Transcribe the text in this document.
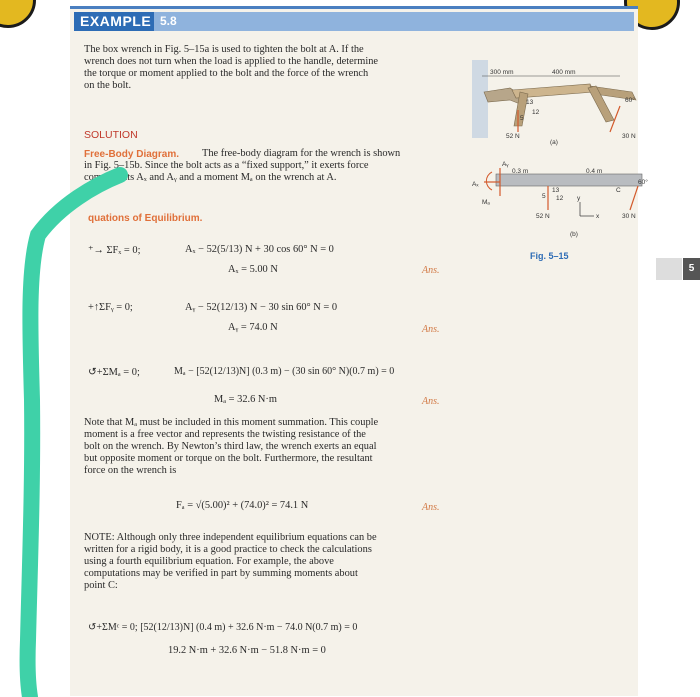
EXAMPLE 5.8
The box wrench in Fig. 5–15a is used to tighten the bolt at A. If the
wrench does not turn when the load is applied to the handle, determine
the torque or moment applied to the bolt and the force of the wrench
on the bolt.
SOLUTION
Free-Body Diagram. The free-body diagram for the wrench is shown
in Fig. 5–15b. Since the bolt acts as a “fixed support,” it exerts force
components Aₓ and Aᵧ and a moment Mₐ on the wrench at A.
quations of Equilibrium.
⁺→ ΣFₓ = 0;	Aₓ − 52(5/13) N + 30 cos 60° N = 0
Aₓ = 5.00 N	Ans.
+↑ΣFᵧ = 0;	Aᵧ − 52(12/13) N − 30 sin 60° N = 0
Aᵧ = 74.0 N	Ans.
↺+ΣMₐ = 0;	Mₐ − [52(12/13)N] (0.3 m) − (30 sin 60° N)(0.7 m) = 0
Mₐ = 32.6 N·m	Ans.
Note that Mₐ must be included in this moment summation. This couple
moment is a free vector and represents the twisting resistance of the
bolt on the wrench. By Newton’s third law, the wrench exerts an equal
but opposite moment or torque on the bolt. Furthermore, the resultant
force on the wrench is
Fₐ = √(5.00)² + (74.0)² = 74.1 N	Ans.
NOTE: Although only three independent equilibrium equations can be
written for a rigid body, it is a good practice to check the calculations
using a fourth equilibrium equation. For example, the above
computations may be verified in part by summing moments about
point C:
↺+ΣMᶜ = 0; [52(12/13)N] (0.4 m) + 32.6 N·m − 74.0 N(0.7 m) = 0
19.2 N·m + 32.6 N·m − 51.8 N·m = 0
300 mm	400 mm
13
12
5
52 N	30 N
60°
(a)
Aₓ
Aᵧ
Mₐ
0.3 m	0.4 m
13
12
5
C
60°
52 N	30 N
x
y
(b)
Fig. 5–15
5
